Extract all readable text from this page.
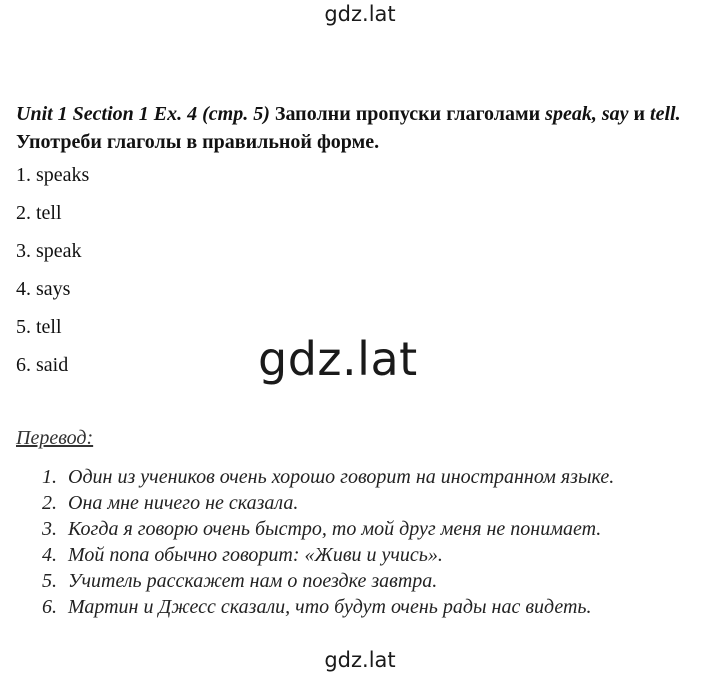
gdz.lat
Unit 1 Section 1 Ex. 4 (стр. 5) Заполни пропуски глаголами speak, say и tell. Употреби глаголы в правильной форме.
1. speaks
2. tell
3. speak
4. says
5. tell
6. said	gdz.lat
Перевод:
1. Один из учеников очень хорошо говорит на иностранном языке.
2. Она мне ничего не сказала.
3. Когда я говорю очень быстро, то мой друг меня не понимает.
4. Мой попа обычно говорит: «Живи и учись».
5. Учитель расскажет нам о поездке завтра.
6. Мартин и Джесс сказали, что будут очень рады нас видеть.
gdz.lat
